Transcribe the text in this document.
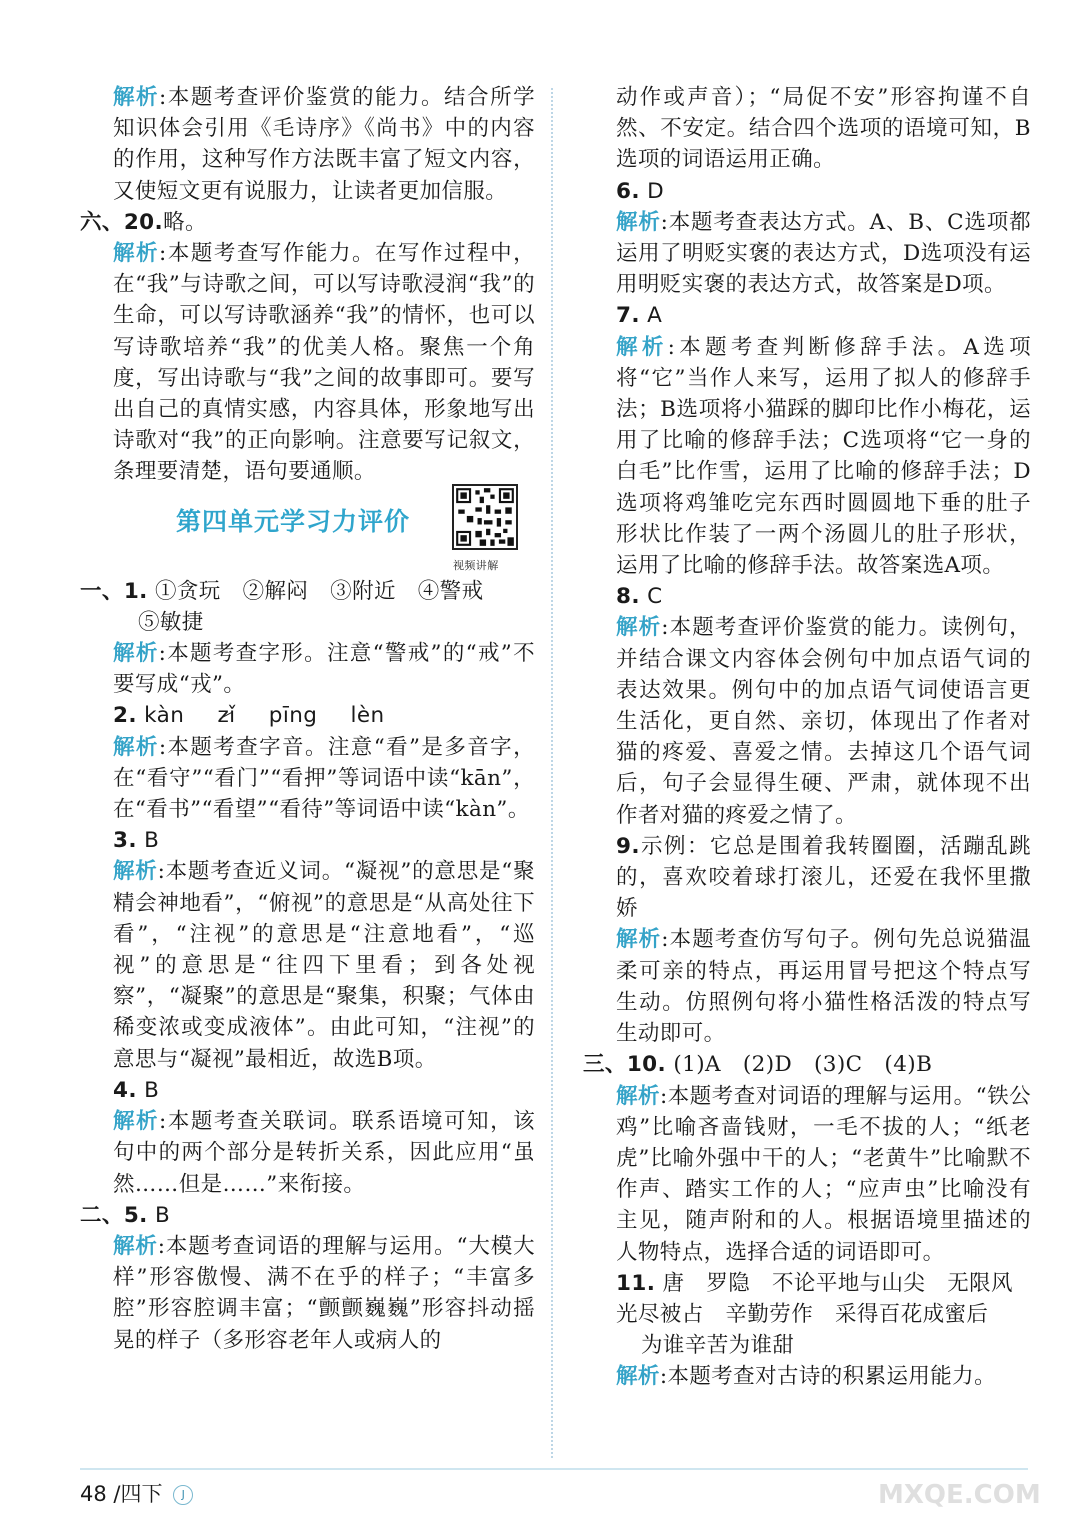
解析:本题考查评价鉴赏的能力。结合所学知识体会引用《毛诗序》《尚书》中的内容的作用，这种写作方法既丰富了短文内容，又使短文更有说服力，让读者更加信服。

六、20.略。

解析:本题考查写作能力。在写作过程中，在“我”与诗歌之间，可以写诗歌浸润“我”的生命，可以写诗歌涵养“我”的情怀，也可以写诗歌培养“我”的优美人格。聚焦一个角度，写出诗歌与“我”之间的故事即可。要写出自己的真情实感，内容具体，形象地写出诗歌对“我”的正向影响。注意要写记叙文，条理要清楚，语句要通顺。

第四单元学习力评价
视频讲解

一、1. ①贪玩　②解闷　③附近　④警戒

⑤敏捷

解析:本题考查字形。注意“警戒”的“戒”不要写成“戎”。

2. kàn zǐ pīng lèn

解析:本题考查字音。注意“看”是多音字，在“看守”“看门”“看押”等词语中读“kān”，在“看书”“看望”“看待”等词语中读“kàn”。

3. B

解析:本题考查近义词。“凝视”的意思是“聚精会神地看”，“俯视”的意思是“从高处往下看”，“注视”的意思是“注意地看”，“巡视”的意思是“往四下里看；到各处视察”，“凝聚”的意思是“聚集，积聚；气体由稀变浓或变成液体”。由此可知，“注视”的意思与“凝视”最相近，故选B项。

4. B

解析:本题考查关联词。联系语境可知，该句中的两个部分是转折关系，因此应用“虽然……但是……”来衔接。

二、5. B

解析:本题考查词语的理解与运用。“大模大样”形容傲慢、满不在乎的样子；“丰富多腔”形容腔调丰富；“颤颤巍巍”形容抖动摇晃的样子（多形容老年人或病人的

动作或声音）；“局促不安”形容拘谨不自然、不安定。结合四个选项的语境可知，B选项的词语运用正确。

6. D

解析:本题考查表达方式。A、B、C选项都运用了明贬实褒的表达方式，D选项没有运用明贬实褒的表达方式，故答案是D项。

7. A

解析:本题考查判断修辞手法。A选项将“它”当作人来写，运用了拟人的修辞手法；B选项将小猫踩的脚印比作小梅花，运用了比喻的修辞手法；C选项将“它一身的白毛”比作雪，运用了比喻的修辞手法；D选项将鸡雏吃完东西时圆圆地下垂的肚子形状比作装了一两个汤圆儿的肚子形状，运用了比喻的修辞手法。故答案选A项。

8. C

解析:本题考查评价鉴赏的能力。读例句，并结合课文内容体会例句中加点语气词的表达效果。例句中的加点语气词使语言更生活化，更自然、亲切，体现出了作者对猫的疼爱、喜爱之情。去掉这几个语气词后，句子会显得生硬、严肃，就体现不出作者对猫的疼爱之情了。

9.示例：它总是围着我转圈圈，活蹦乱跳的，喜欢咬着球打滚儿，还爱在我怀里撒娇

解析:本题考查仿写句子。例句先总说猫温柔可亲的特点，再运用冒号把这个特点写生动。仿照例句将小猫性格活泼的特点写生动即可。

三、10. (1)A　(2)D　(3)C　(4)B

解析:本题考查对词语的理解与运用。“铁公鸡”比喻吝啬钱财，一毛不拔的人；“纸老虎”比喻外强中干的人；“老黄牛”比喻默不作声、踏实工作的人；“应声虫”比喻没有主见，随声附和的人。根据语境里描述的人物特点，选择合适的词语即可。

11. 唐　罗隐　不论平地与山尖　无限风光尽被占　辛勤劳作　采得百花成蜜后

为谁辛苦为谁甜

解析:本题考查对古诗的积累运用能力。

48 /四下 J	MXQE.COM
